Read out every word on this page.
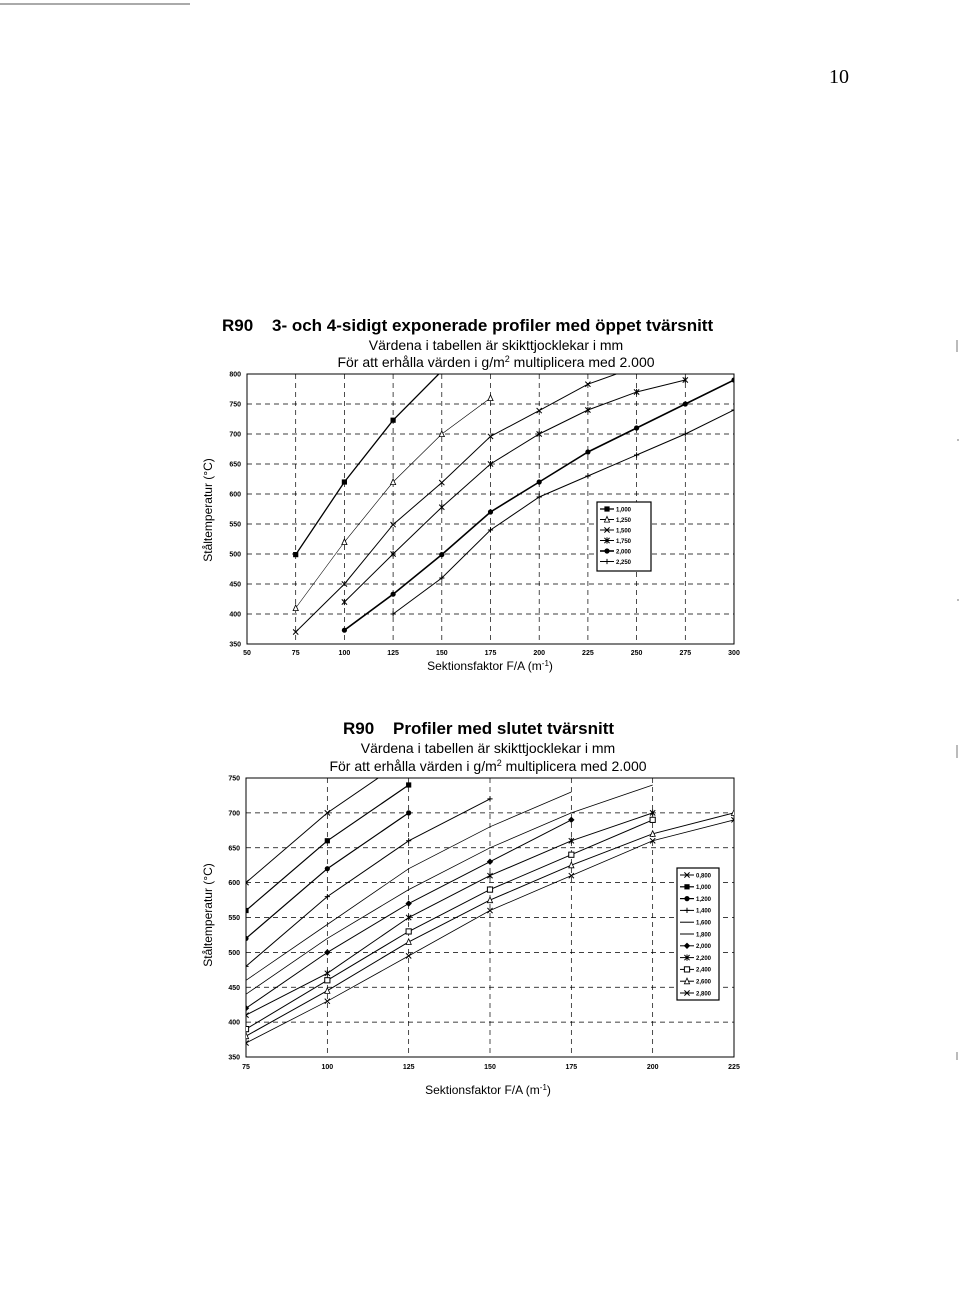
10
R90 3- och 4-sidigt exponerade profiler med öppet tvärsnitt
Värdena i tabellen är skikttjocklekar i mm
För att erhålla värden i $g/m^2$ multiplicera med 2.000
50	75	100	125	150	175	200	225	250	275	300
800
750
700
650
600
550
500
450
400
350
1,000
1,250
1,500
1,750
2,000
2,250
Sektionsfaktor F/A $(m^{-1})$
Ståltemperatur (°C)
R90 Profiler med slutet tvärsnitt
Värdena i tabellen är skikttjocklekar i mm
För att erhålla värden i $g/m^2$ multiplicera med 2.000
75	100	125	150	175	200	225
750
700
650
600
550
500
450
400
350
0,800
1,000
1,200
1,400
1,600
1,800
2,000
2,200
2,400
2,600
2,800
Sektionsfaktor F/A $(m^{-1})$
Ståltemperatur (°C)
